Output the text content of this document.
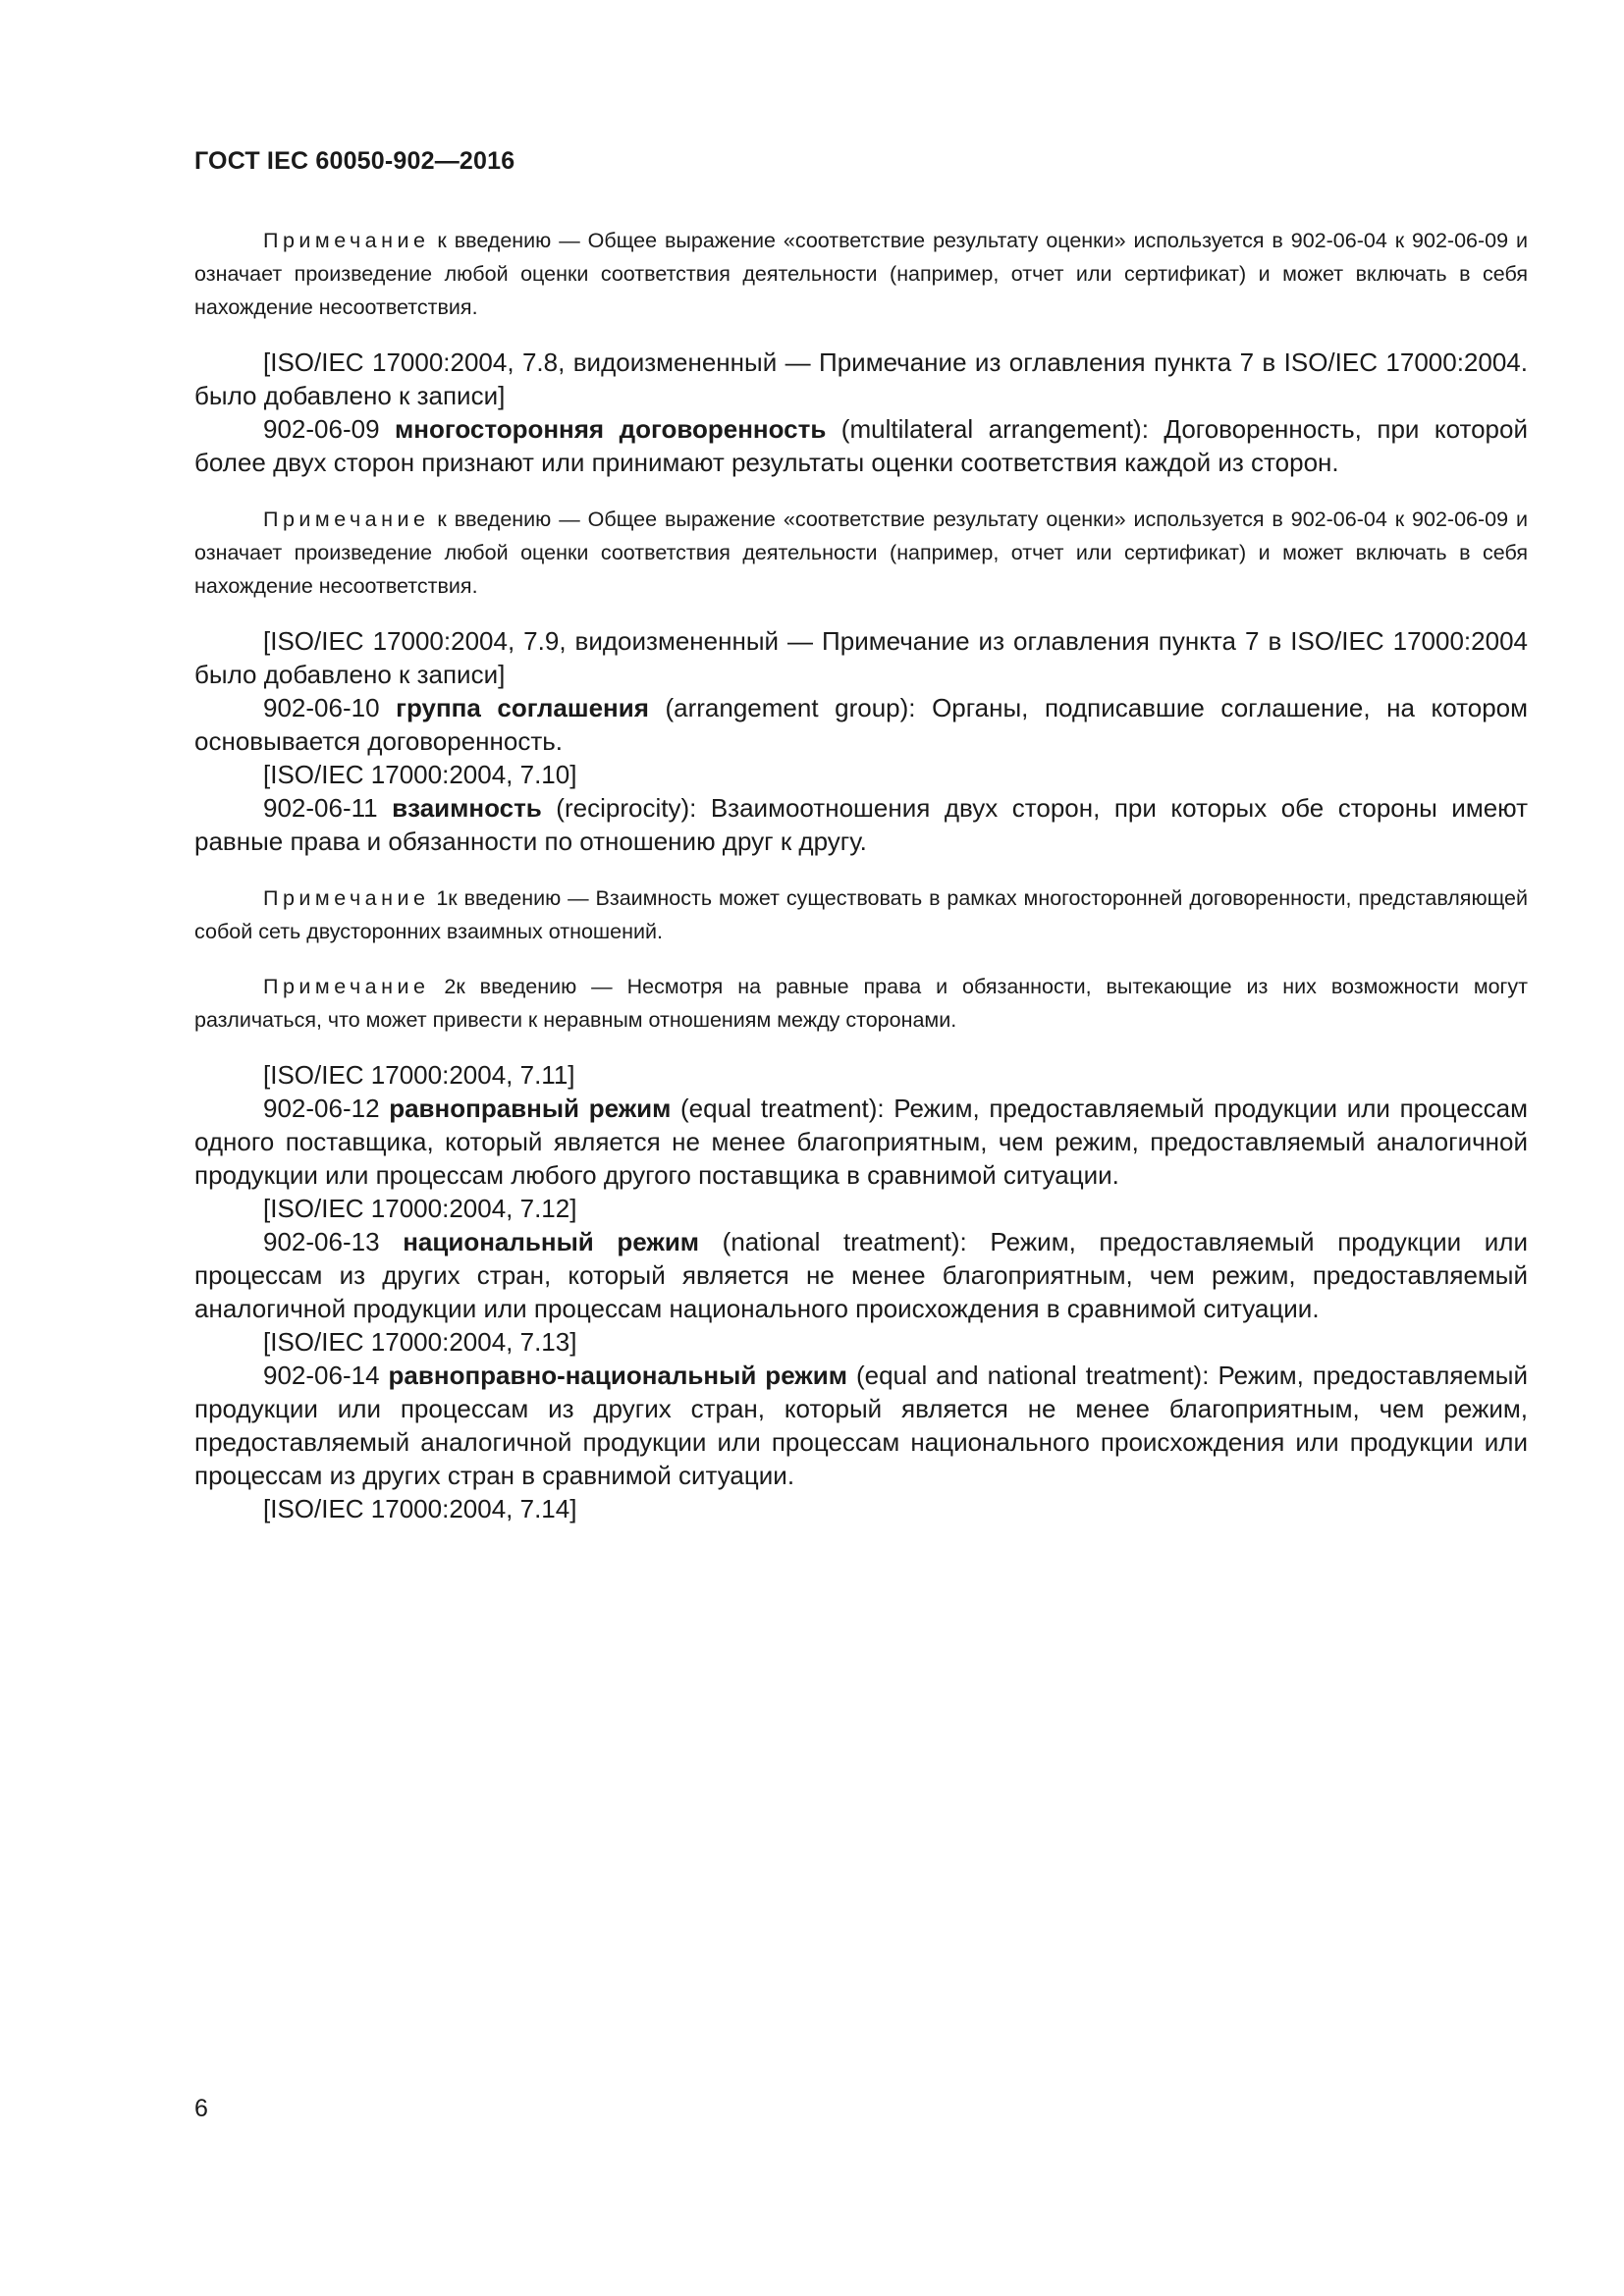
ГОСТ IEC 60050-902—2016

Примечание к введению — Общее выражение «соответствие результату оценки» используется в 902-06-04 к 902-06-09 и означает произведение любой оценки соответствия деятельности (например, отчет или сертификат) и может включать в себя нахождение несоответствия.

[ISO/IEC 17000:2004, 7.8, видоизмененный — Примечание из оглавления пункта 7 в ISO/IEC 17000:2004. было добавлено к записи]

902-06-09 многосторонняя договоренность (multilateral arrangement): Договоренность, при которой более двух сторон признают или принимают результаты оценки соответствия каждой из сторон.

Примечание к введению — Общее выражение «соответствие результату оценки» используется в 902-06-04 к 902-06-09 и означает произведение любой оценки соответствия деятельности (например, отчет или сертификат) и может включать в себя нахождение несоответствия.

[ISO/IEC 17000:2004, 7.9, видоизмененный — Примечание из оглавления пункта 7 в ISO/IEC 17000:2004 было добавлено к записи]

902-06-10 группа соглашения (arrangement group): Органы, подписавшие соглашение, на котором основывается договоренность.

[ISO/IEC 17000:2004, 7.10]

902-06-11 взаимность (reciprocity): Взаимоотношения двух сторон, при которых обе стороны имеют равные права и обязанности по отношению друг к другу.

Примечание 1к введению — Взаимность может существовать в рамках многосторонней договоренности, представляющей собой сеть двусторонних взаимных отношений.

Примечание 2к введению — Несмотря на равные права и обязанности, вытекающие из них возможности могут различаться, что может привести к неравным отношениям между сторонами.

[ISO/IEC 17000:2004, 7.11]

902-06-12 равноправный режим (equal treatment): Режим, предоставляемый продукции или процессам одного поставщика, который является не менее благоприятным, чем режим, предоставляемый аналогичной продукции или процессам любого другого поставщика в сравнимой ситуации.

[ISO/IEC 17000:2004, 7.12]

902-06-13 национальный режим (national treatment): Режим, предоставляемый продукции или процессам из других стран, который является не менее благоприятным, чем режим, предоставляемый аналогичной продукции или процессам национального происхождения в сравнимой ситуации.

[ISO/IEC 17000:2004, 7.13]

902-06-14 равноправно-национальный режим (equal and national treatment): Режим, предоставляемый продукции или процессам из других стран, который является не менее благоприятным, чем режим, предоставляемый аналогичной продукции или процессам национального происхождения или продукции или процессам из других стран в сравнимой ситуации.

[ISO/IEC 17000:2004, 7.14]

6
